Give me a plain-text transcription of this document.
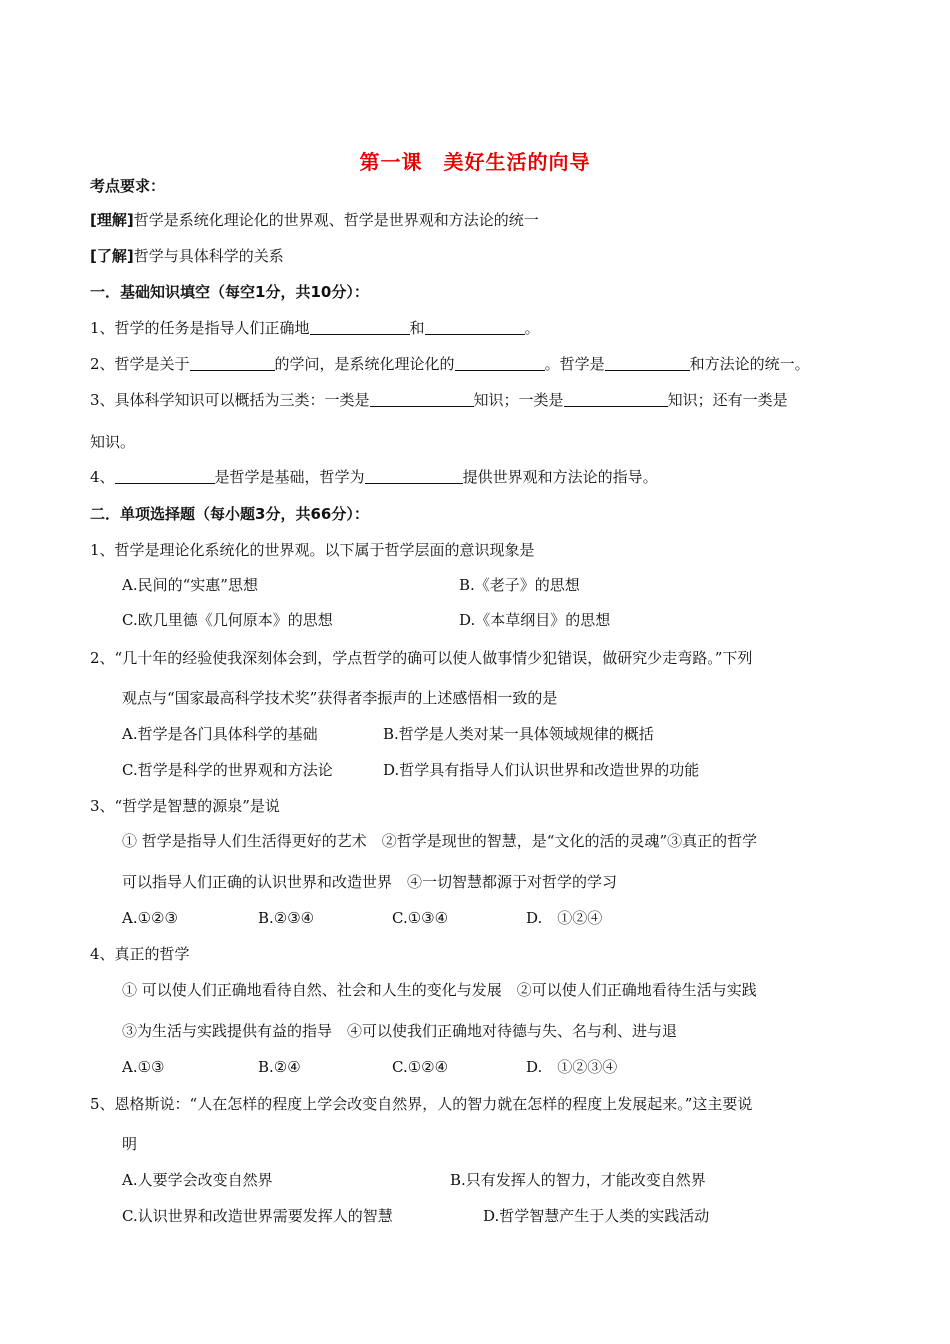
第一课　美好生活的向导
考点要求：
[理解]哲学是系统化理论化的世界观、哲学是世界观和方法论的统一
[了解]哲学与具体科学的关系
一．基础知识填空（每空1分，共10分）：
1、哲学的任务是指导人们正确地	和	。
2、哲学是关于	的学问，是系统化理论化的	。哲学是	和方法论的统一。
3、具体科学知识可以概括为三类：一类是	知识；一类是	知识；还有一类是
知识。
4、	是哲学是基础，哲学为	提供世界观和方法论的指导。
二．单项选择题（每小题3分，共66分）：
1、哲学是理论化系统化的世界观。以下属于哲学层面的意识现象是
A.民间的“实惠”思想	B.《老子》的思想
C.欧几里德《几何原本》的思想	D.《本草纲目》的思想
2、“几十年的经验使我深刻体会到，学点哲学的确可以使人做事情少犯错误，做研究少走弯路。”下列
观点与“国家最高科学技术奖”获得者李振声的上述感悟相一致的是
A.哲学是各门具体科学的基础	B.哲学是人类对某一具体领域规律的概括
C.哲学是科学的世界观和方法论	D.哲学具有指导人们认识世界和改造世界的功能
3、“哲学是智慧的源泉”是说
① 哲学是指导人们生活得更好的艺术　②哲学是现世的智慧，是“文化的活的灵魂”③真正的哲学
可以指导人们正确的认识世界和改造世界　④一切智慧都源于对哲学的学习
A.①②③	B.②③④	C.①③④	D.　①②④
4、真正的哲学
① 可以使人们正确地看待自然、社会和人生的变化与发展　②可以使人们正确地看待生活与实践
③为生活与实践提供有益的指导　④可以使我们正确地对待德与失、名与利、进与退
A.①③	B.②④	C.①②④	D.　①②③④
5、恩格斯说：“人在怎样的程度上学会改变自然界，人的智力就在怎样的程度上发展起来。”这主要说
明
A.人要学会改变自然界	B.只有发挥人的智力，才能改变自然界
C.认识世界和改造世界需要发挥人的智慧	D.哲学智慧产生于人类的实践活动
